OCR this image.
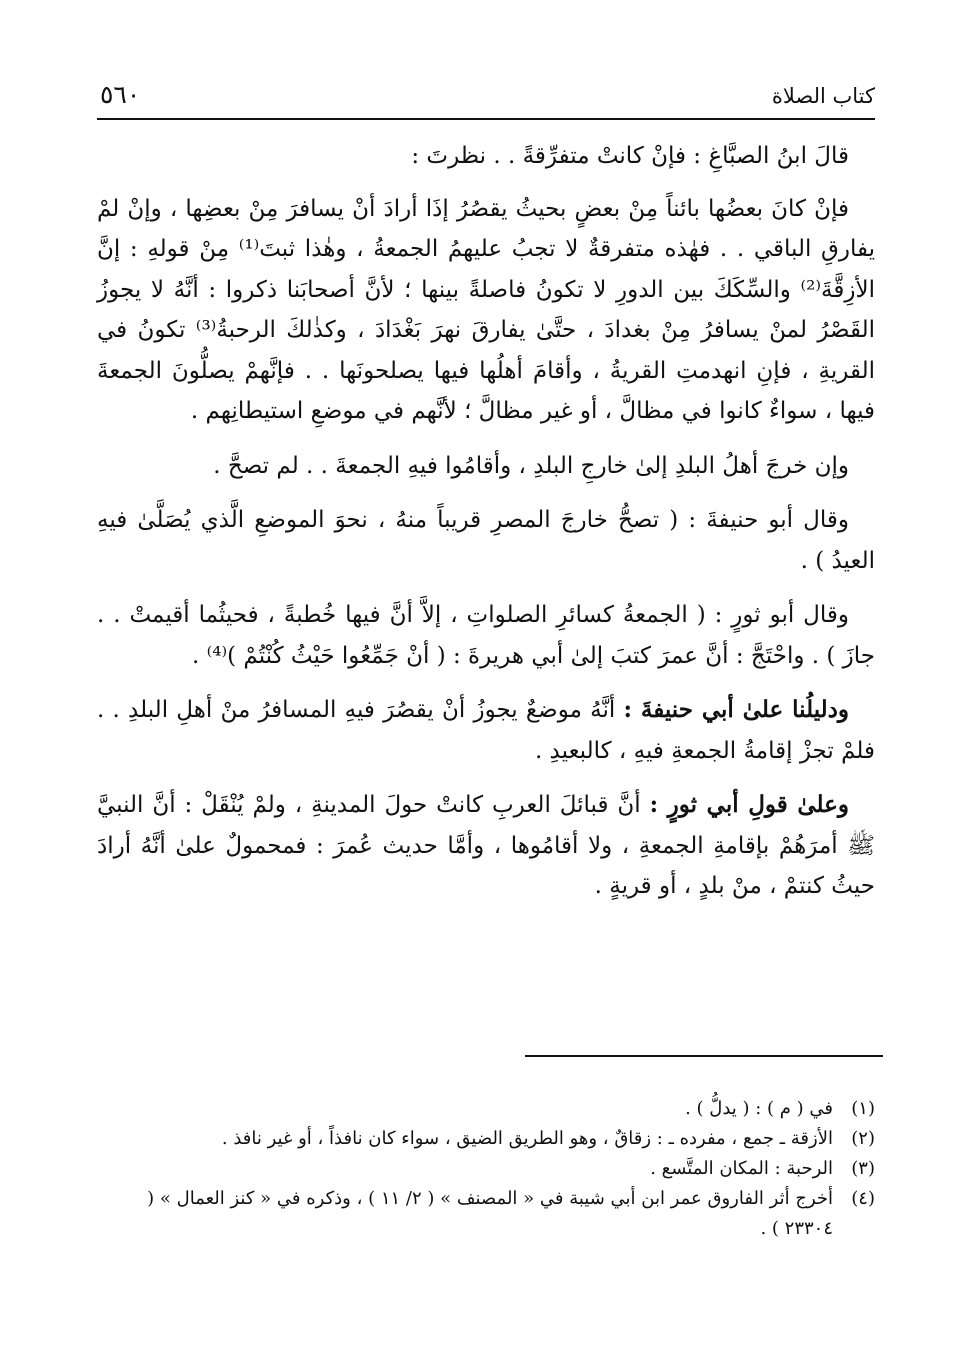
كتاب الصلاة
٥٦٠

قالَ ابنُ الصبَّاغِ : فإنْ كانتْ متفرِّقةً . . نظرتَ :

فإنْ كانَ بعضُها بائناً مِنْ بعضٍ بحيثُ يقصُرُ إذَا أرادَ أنْ يسافرَ مِنْ بعضِها ، وإنْ لمْ يفارقِ الباقي . . فهٰذه متفرقةٌ لا تجبُ عليهمُ الجمعةُ ، وهٰذا ثبتَ⁽¹⁾ مِنْ قولهِ : إنَّ الأزِقَّةَ⁽²⁾ والسِّكَكَ بين الدورِ لا تكونُ فاصلةً بينها ؛ لأنَّ أصحابَنا ذكروا : أنَّهُ لا يجوزُ القَصْرُ لمنْ يسافرُ مِنْ بغدادَ ، حتَّىٰ يفارقَ نهرَ بَغْدَادَ ، وكذٰلكَ الرحبةُ⁽³⁾ تكونُ في القريةِ ، فإنِ انهدمتِ القريةُ ، وأقامَ أهلُها فيها يصلحونَها . . فإنَّهمْ يصلُّونَ الجمعةَ فيها ، سواءٌ كانوا في مظالَّ ، أو غير مظالَّ ؛ لأنَّهم في موضعِ استيطانِهم .

وإن خرجَ أهلُ البلدِ إلىٰ خارجِ البلدِ ، وأقامُوا فيهِ الجمعةَ . . لم تصحَّ .

وقال أبو حنيفةَ : ( تصحُّ خارجَ المصرِ قريباً منهُ ، نحوَ الموضعِ الَّذي يُصَلَّىٰ فيهِ العيدُ ) .

وقال أبو ثورٍ : ( الجمعةُ كسائرِ الصلواتِ ، إلاَّ أنَّ فيها خُطبةً ، فحيثُما أقيمتْ . . جازَ ) . واحْتَجَّ : أنَّ عمرَ كتبَ إلىٰ أبي هريرةَ : ( أنْ جَمِّعُوا حَيْثُ كُنْتُمْ )⁽⁴⁾ .

ودليلُنا علىٰ أبي حنيفةَ : أنَّهُ موضعٌ يجوزُ أنْ يقصُرَ فيهِ المسافرُ منْ أهلِ البلدِ . . فلمْ تجزْ إقامةُ الجمعةِ فيهِ ، كالبعيدِ .

وعلىٰ قولِ أبي ثورٍ : أنَّ قبائلَ العربِ كانتْ حولَ المدينةِ ، ولمْ يُنْقَلْ : أنَّ النبيَّ ﷺ أمرَهُمْ بإقامةِ الجمعةِ ، ولا أقامُوها ، وأمَّا حديث عُمرَ : فمحمولٌ علىٰ أنَّهُ أرادَ حيثُ كنتمْ ، منْ بلدٍ ، أو قريةٍ .

(١)
في ( م ) : ( يدلُّ ) .
(٢)
الأزقة ـ جمع ، مفرده ـ : زقاقٌ ، وهو الطريق الضيق ، سواء كان نافذاً ، أو غير نافذ .
(٣)
الرحبة : المكان المتَّسع .
(٤)
أخرج أثر الفاروق عمر ابن أبي شيبة في « المصنف » ( ٢/ ١١ ) ، وذكره في « كنز العمال » ( ٢٣٣٠٤ ) .
